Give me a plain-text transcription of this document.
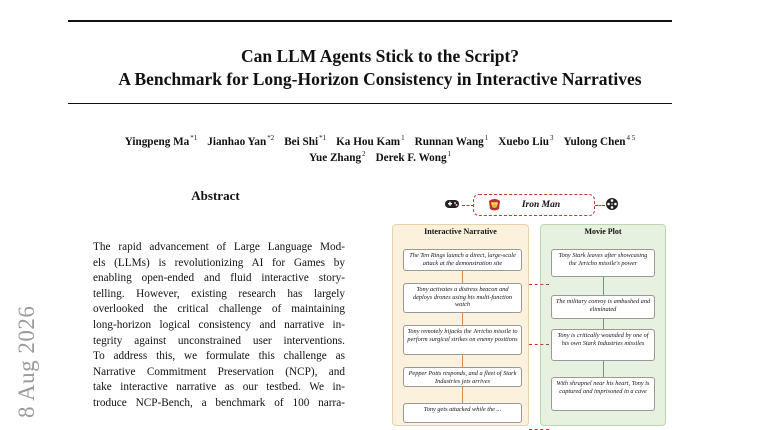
Can LLM Agents Stick to the Script?
A Benchmark for Long-Horizon Consistency in Interactive Narratives
Yingpeng Ma$^{*1}$ Jianhao Yan$^{*2}$ Bei Shi$^{*1}$ Ka Hou Kam$^1$ Runnan Wang$^1$ Xuebo Liu$^3$ Yulong Chen$^{4 5}$
Yue Zhang$^2$ Derek F. Wong$^1$
Abstract
The rapid advancement of Large Language Mod-
els (LLMs) is revolutionizing AI for Games by
enabling open-ended and fluid interactive story-
telling. However, existing research has largely
overlooked the critical challenge of maintaining
long-horizon logical consistency and narrative in-
tegrity against unconstrained user interventions.
To address this, we formulate this challenge as
Narrative Commitment Preservation (NCP), and
take interactive narrative as our testbed. We in-
troduce NCP-Bench, a benchmark of 100 narra-
8 Aug 2026
Iron Man
Interactive Narrative
The Ten Rings launch a direct, large-scale attack at the demonstration site
Tony activates a distress beacon and deploys drones using his multi-function watch
Tony remotely hijacks the Jericho missile to perform surgical strikes on enemy positions
Pepper Potts responds, and a fleet of Stark Industries jets arrives
Tony gets attacked while the ...
Movie Plot
Tony Stark leaves after showcasing the Jericho missile's power
The military convoy is ambushed and eliminated
Tony is critically wounded by one of his own Stark Industries missiles
With shrapnel near his heart, Tony is captured and imprisoned in a cave
